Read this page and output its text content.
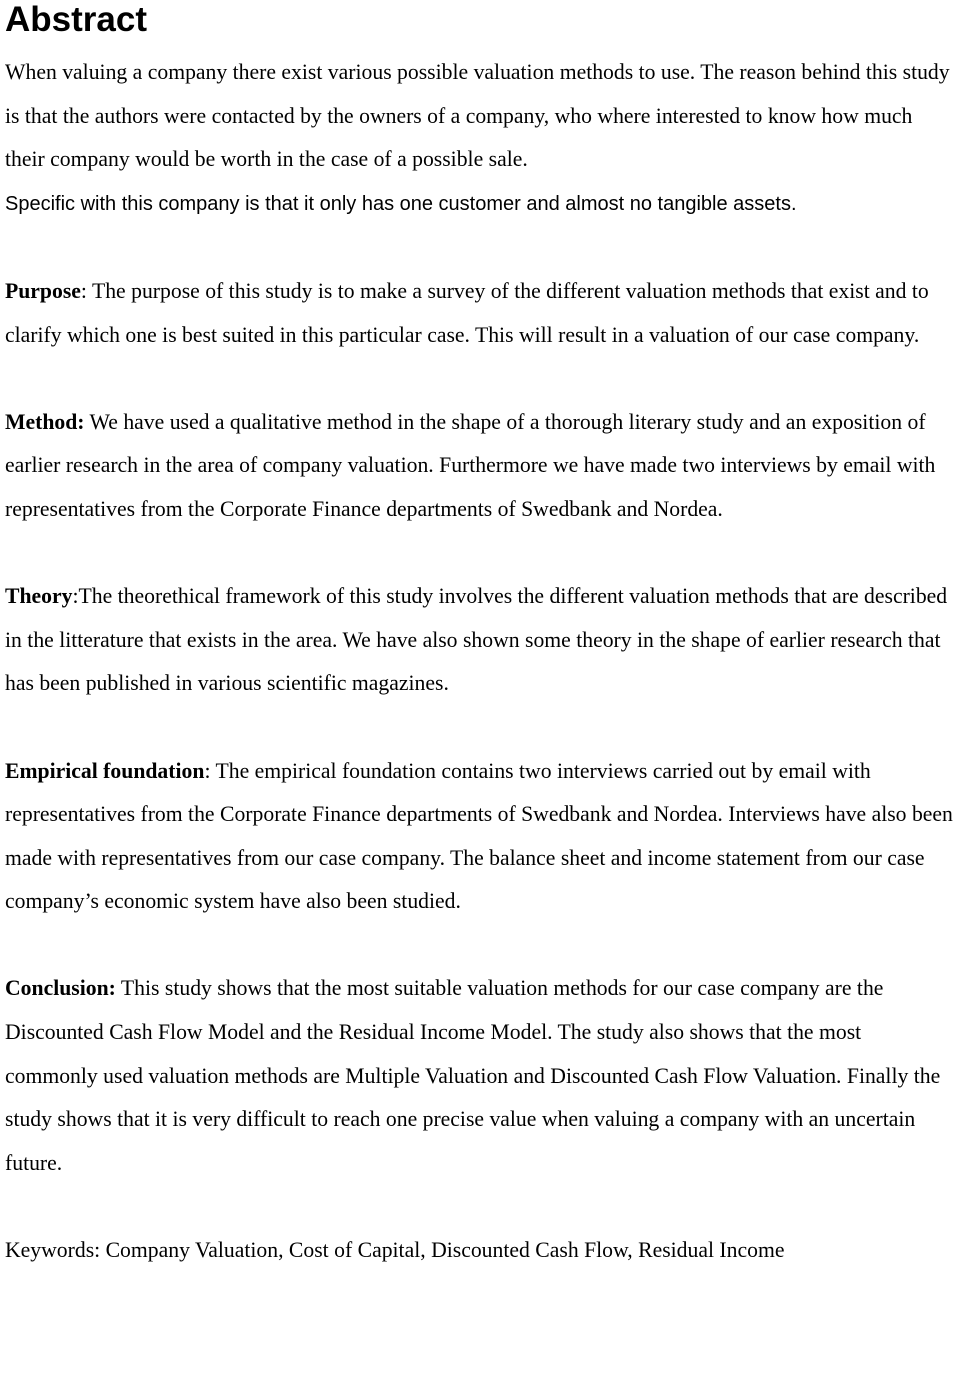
Abstract

When valuing a company there exist various possible valuation methods to use. The reason behind this study is that the authors were contacted by the owners of a company, who where interested to know how much their company would be worth in the case of a possible sale.
Specific with this company is that it only has one customer and almost no tangible assets.

Purpose: The purpose of this study is to make a survey of the different valuation methods that exist and to clarify which one is best suited in this particular case. This will result in a valuation of our case company.

Method: We have used a qualitative method in the shape of a thorough literary study and an exposition of earlier research in the area of company valuation. Furthermore we have made two interviews by email with representatives from the Corporate Finance departments of Swedbank and Nordea.

Theory:The theorethical framework of this study involves the different valuation methods that are described in the litterature that exists in the area. We have also shown some theory in the shape of earlier research that has been published in various scientific magazines.

Empirical foundation: The empirical foundation contains two interviews carried out by email with representatives from the Corporate Finance departments of Swedbank and Nordea. Interviews have also been made with representatives from our case company. The balance sheet and income statement from our case company’s economic system have also been studied.

Conclusion: This study shows that the most suitable valuation methods for our case company are the Discounted Cash Flow Model and the Residual Income Model. The study also shows that the most commonly used valuation methods are Multiple Valuation and Discounted Cash Flow Valuation. Finally the study shows that it is very difficult to reach one precise value when valuing a company with an uncertain future.

Keywords: Company Valuation, Cost of Capital, Discounted Cash Flow, Residual Income
